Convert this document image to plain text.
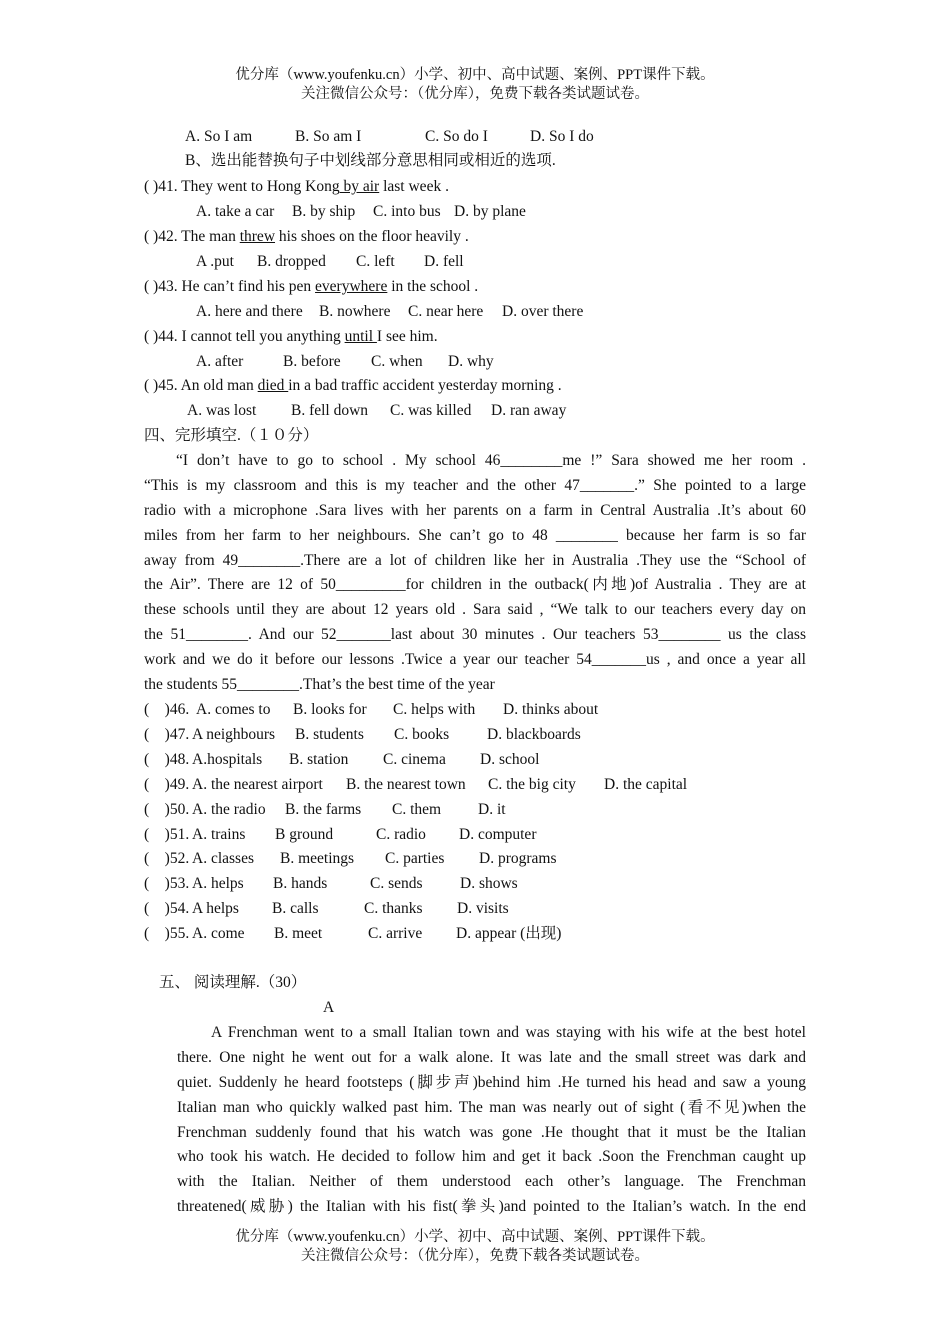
优分库（www.youfenku.cn）小学、初中、高中试题、案例、PPT课件下载。
关注微信公众号：（优分库），免费下载各类试题试卷。
A. So I am	B. So am I	C. So do I	D. So I do
B、选出能替换句子中划线部分意思相同或相近的选项.
( )41. They went to Hong Kong by air last week .
A. take a car B. by ship C. into bus D. by plane
( )42. The man threw his shoes on the floor heavily .
A .put B. dropped C. left D. fell
( )43. He can’t find his pen everywhere in the school .
A. here and there B. nowhere C. near here D. over there
( )44. I cannot tell you anything until I see him.
A. after	B. before C. when D. why
( )45. An old man died in a bad traffic accident yesterday morning .
A. was lost B. fell down C. was killed D. ran away
四、完形填空.（１０分）
“I don’t have to go to school . My school 46________me !” Sara showed me her room .
“This is my classroom and this is my teacher and the other 47_______.” She pointed to a large
radio with a microphone .Sara lives with her parents on a farm in Central Australia .It’s about 60
miles from her farm to her neighbours. She can’t go to 48 ________ because her farm is so far
away from 49________.There are a lot of children like her in Australia .They use the “School of
the Air”. There are 12 of 50_________for children in the outback(内地)of Australia . They are at
these schools until they are about 12 years old . Sara said , “We talk to our teachers every day on
the 51________. And our 52_______last about 30 minutes . Our teachers 53________ us the class
work and we do it before our lessons .Twice a year our teacher 54_______us , and once a year all
the students 55________.That’s the best time of the year
(    )46. A. comes to B. looks for C. helps with D. thinks about
(    )47. A neighbours B. students C. books D. blackboards
(    )48. A.hospitals B. station C. cinema D. school
(    )49. A. the nearest airport B. the nearest town C. the big city D. the capital
(    )50. A. the radio B. the farms C. them D. it
(    )51. A. trains B ground	C. radio D. computer
(    )52. A. classes B. meetings C. parties D. programs
(    )53. A. helps B. hands	C. sends D. shows
(    )54. A helps B. calls	C. thanks D. visits
(    )55. A. come B. meet	C. arrive D. appear (出现)
五、 阅读理解.（30）
A
A Frenchman went to a small Italian town and was staying with his wife at the best hotel
there. One night he went out for a walk alone. It was late and the small street was dark and
quiet. Suddenly he heard footsteps (脚步声)behind him .He turned his head and saw a young
Italian man who quickly walked past him. The man was nearly out of sight (看不见)when the
Frenchman suddenly found that his watch was gone .He thought that it must be the Italian
who took his watch. He decided to follow him and get it back .Soon the Frenchman caught up
with the Italian. Neither of them understood each other’s language. The Frenchman
threatened(威胁) the Italian with his fist(拳头)and pointed to the Italian’s watch. In the end
优分库（www.youfenku.cn）小学、初中、高中试题、案例、PPT课件下载。
关注微信公众号：（优分库），免费下载各类试题试卷。
